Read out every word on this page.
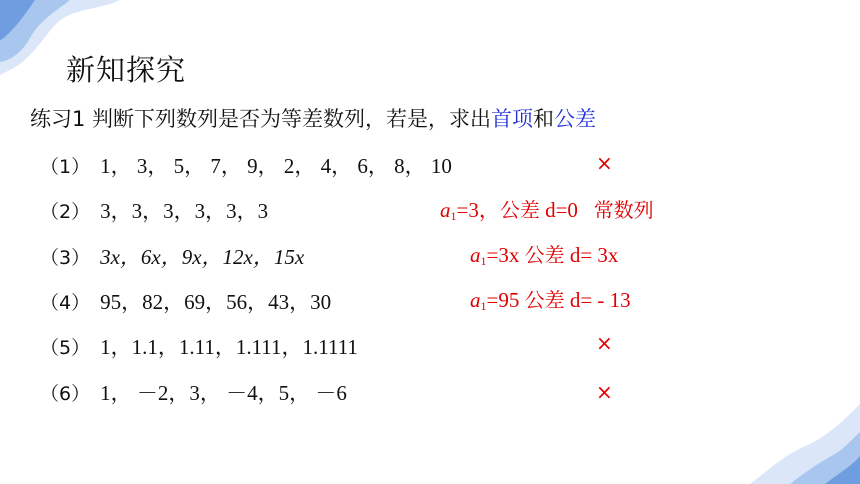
新知探究
练习1 判断下列数列是否为等差数列，若是，求出首项和公差
（1） 1， 3， 5， 7， 9， 2， 4， 6， 8， 10
（2） 3，3，3，3，3，3
（3） 3x，6x，9x，12x，15x
（4） 95，82，69，56，43，30
（5） 1，1.1，1.11，1.111，1.1111
（6） 1， －2，3， －4，5， －6
×
$a_1=3$，公差 d=0 常数列
$a_1=3x$ 公差 d= 3x
$a_1=95$ 公差 d= - 13
×
×
